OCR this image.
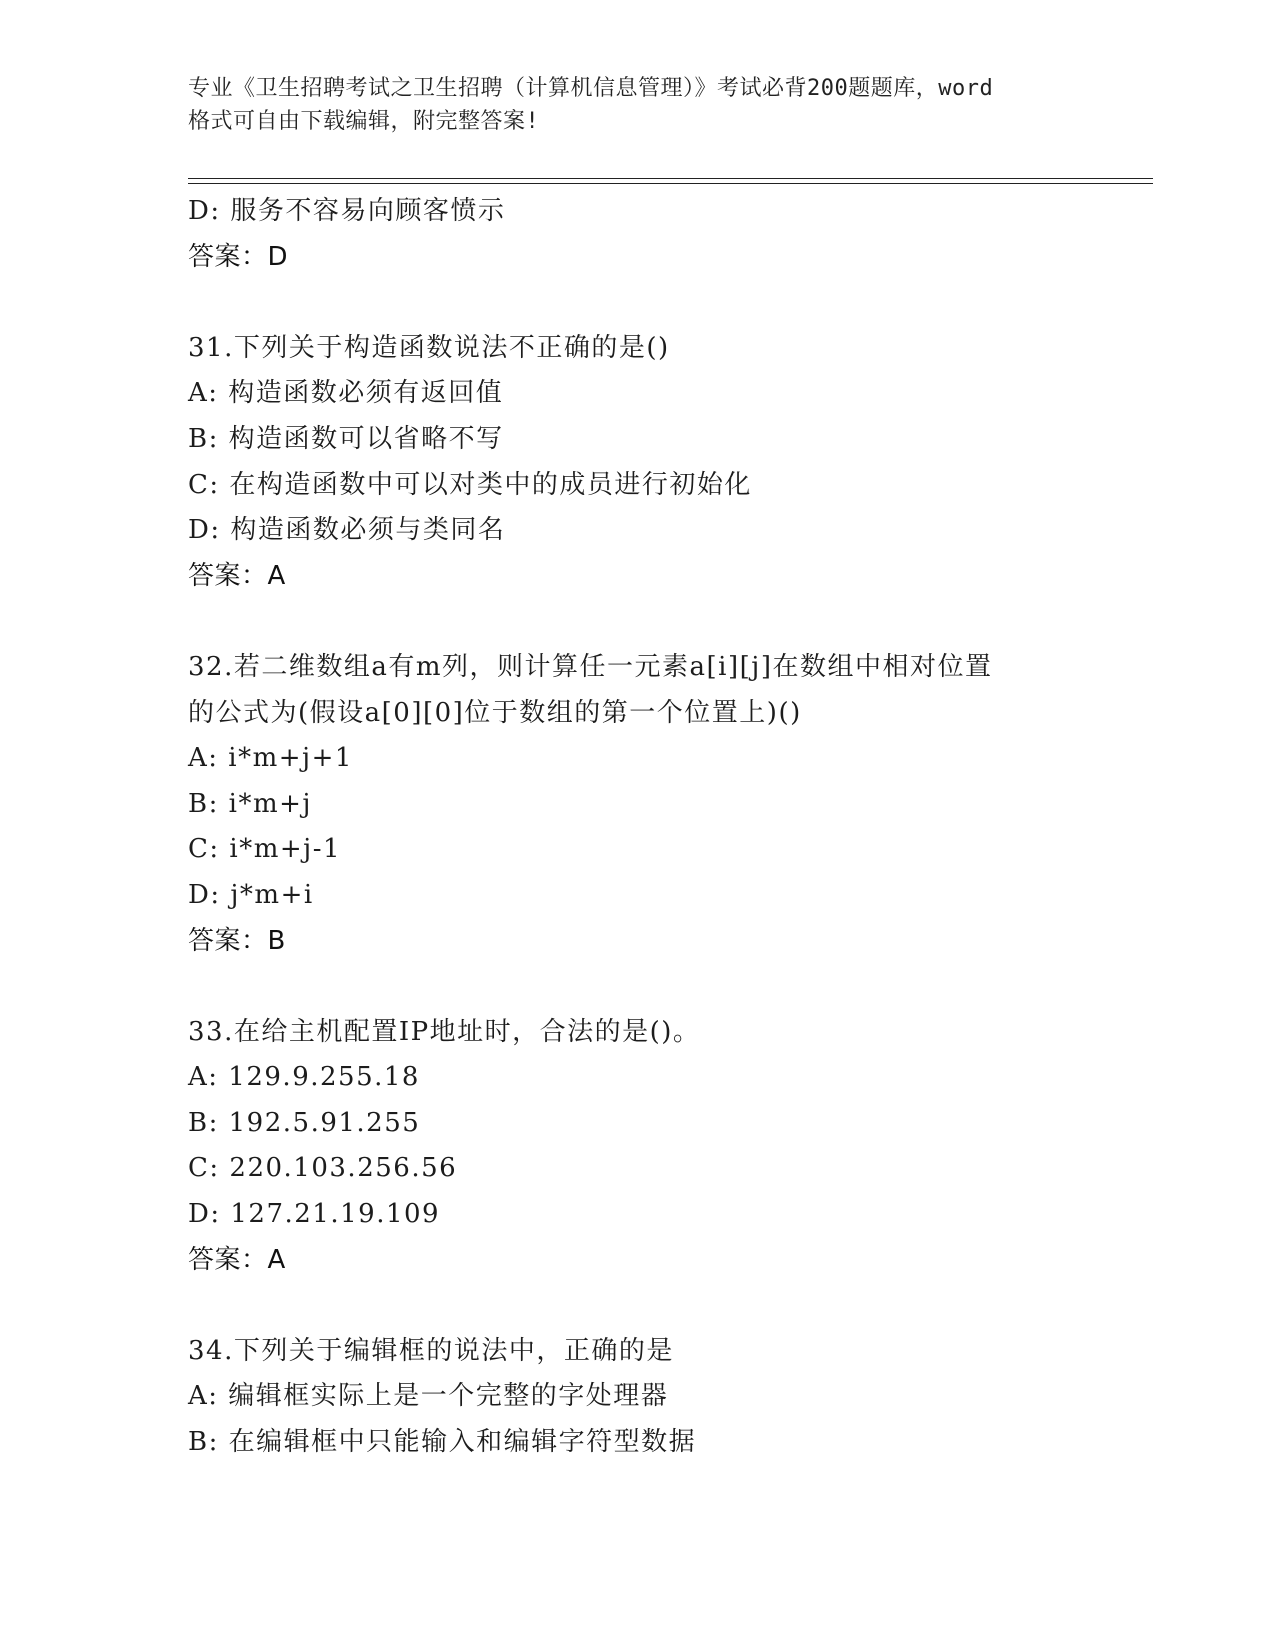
专业《卫生招聘考试之卫生招聘（计算机信息管理）》考试必背200题题库，word
格式可自由下载编辑，附完整答案!
D: 服务不容易向顾客愤示
答案：D
31.下列关于构造函数说法不正确的是()
A: 构造函数必须有返回值
B: 构造函数可以省略不写
C: 在构造函数中可以对类中的成员进行初始化
D: 构造函数必须与类同名
答案：A
32.若二维数组a有m列，则计算任一元素a[i][j]在数组中相对位置
的公式为(假设a[0][0]位于数组的第一个位置上)()
A: i*m+j+1
B: i*m+j
C: i*m+j-1
D: j*m+i
答案：B
33.在给主机配置IP地址时，合法的是()。
A: 129.9.255.18
B: 192.5.91.255
C: 220.103.256.56
D: 127.21.19.109
答案：A
34.下列关于编辑框的说法中，正确的是
A: 编辑框实际上是一个完整的字处理器
B: 在编辑框中只能输入和编辑字符型数据
